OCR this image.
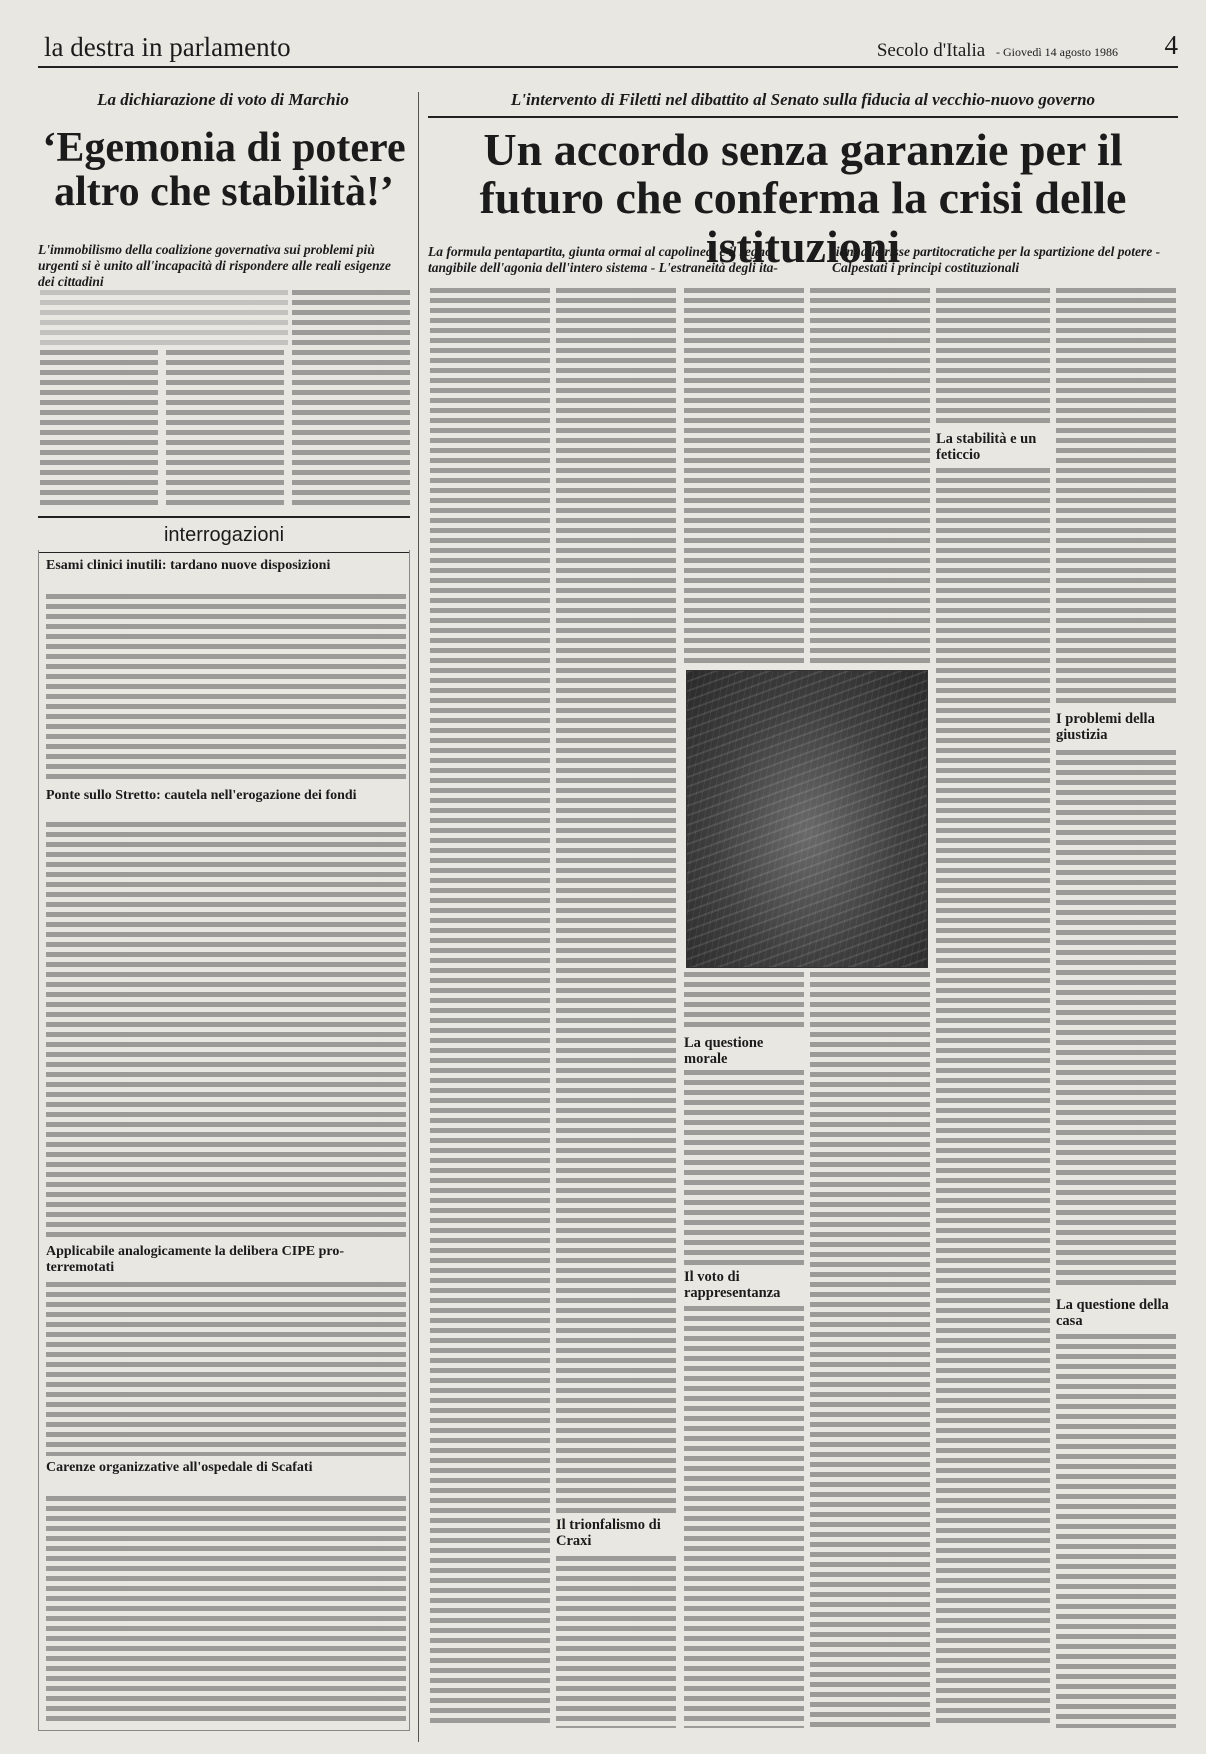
la destra in parlamento	Secolo d'Italia - Giovedì 14 agosto 1986 4
La dichiarazione di voto di Marchio	L'intervento di Filetti nel dibattito al Senato sulla fiducia al vecchio-nuovo governo
‘Egemonia di potere altro che stabilità!’
Un accordo senza garanzie per il futuro che conferma la crisi delle istituzioni
L'immobilismo della coalizione governativa sui problemi più urgenti si è unito all'incapacità di rispondere alle reali esigenze dei cittadini
La formula pentapartita, giunta ormai al capolinea, è il segno tangibile dell'agonia dell'intero sistema - L'estraneità degli ita-
liani alle risse partitocratiche per la spartizione del potere - Calpestati i principi costituzionali
interrogazioni
Esami clinici inutili: tardano nuove disposizioni
Ponte sullo Stretto: cautela nell'erogazione dei fondi
Applicabile analogicamente la delibera CIPE pro-terremotati
Carenze organizzative all'ospedale di Scafati
Il trionfalismo di Craxi
La questione morale
Il voto di rappresentanza
La stabilità e un feticcio
I problemi della giustizia
La questione della casa
